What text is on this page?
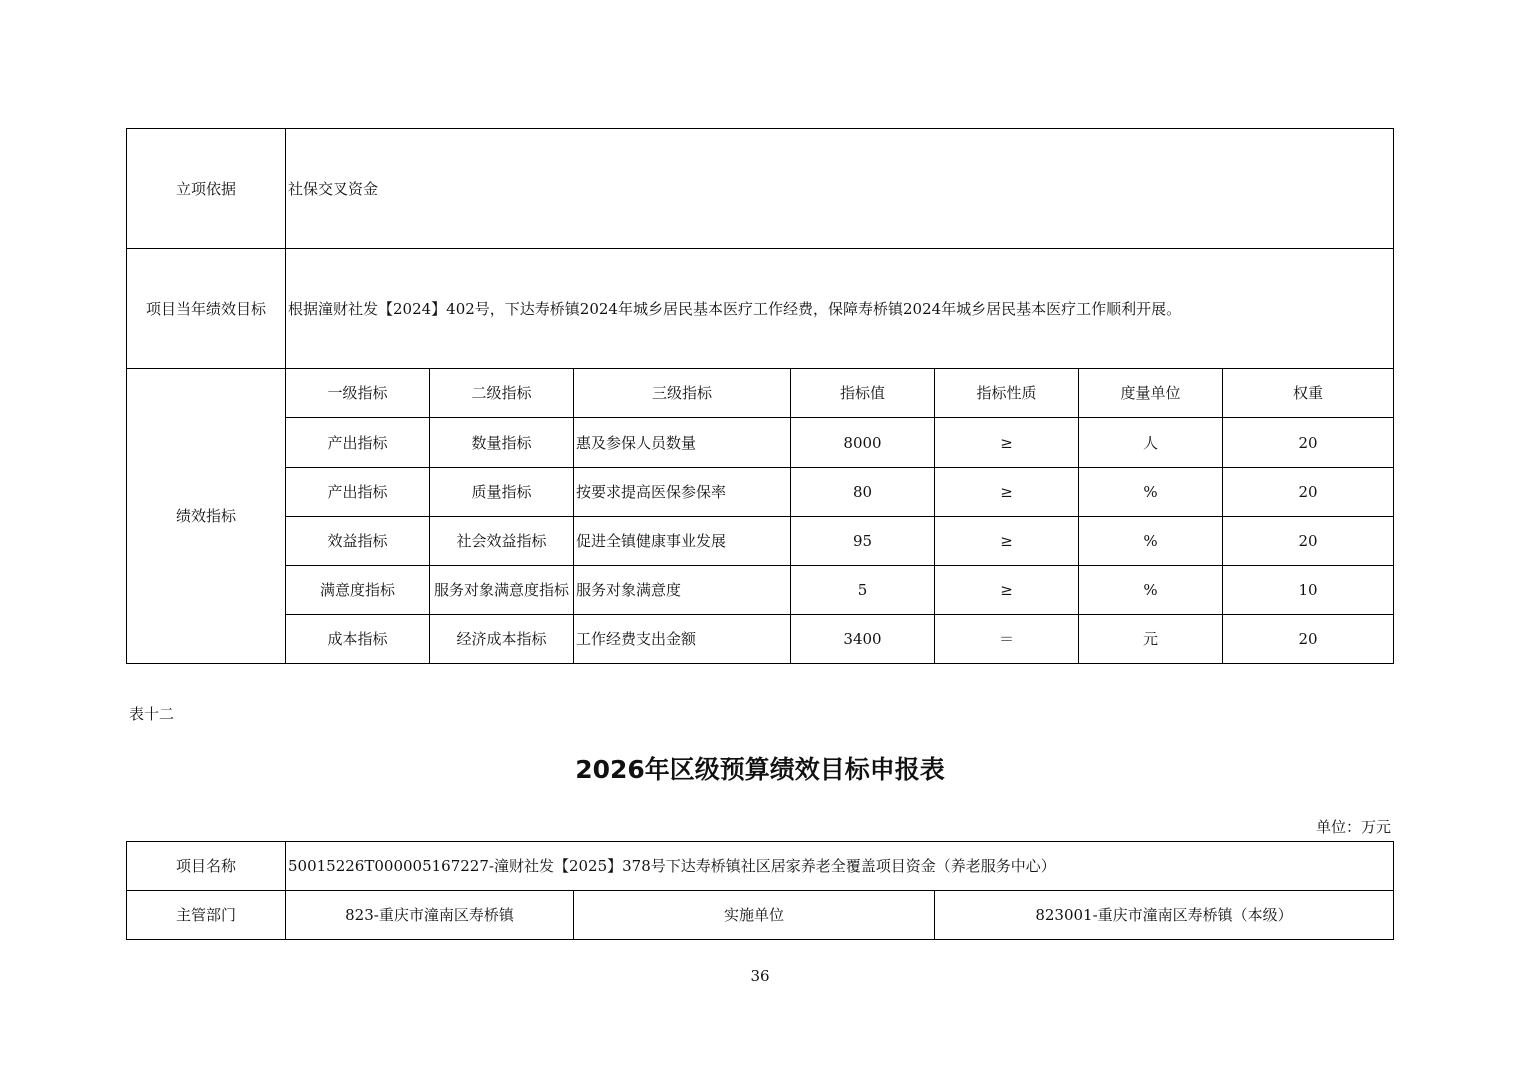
立项依据	社保交叉资金						
项目当年绩效目标	根据潼财社发【2024】402号，下达寿桥镇2024年城乡居民基本医疗工作经费，保障寿桥镇2024年城乡居民基本医疗工作顺利开展。						
绩效指标	一级指标	二级指标	三级指标	指标值	指标性质	度量单位	权重
	产出指标	数量指标	惠及参保人员数量	8000	≥	人	20
	产出指标	质量指标	按要求提高医保参保率	80	≥	%	20
	效益指标	社会效益指标	促进全镇健康事业发展	95	≥	%	20
	满意度指标	服务对象满意度指标	服务对象满意度	5	≥	%	10
	成本指标	经济成本指标	工作经费支出金额	3400	＝	元	20
表十二
2026年区级预算绩效目标申报表
单位：万元
项目名称	50015226T000005167227-潼财社发【2025】378号下达寿桥镇社区居家养老全覆盖项目资金（养老服务中心）		
主管部门	823-重庆市潼南区寿桥镇	实施单位	823001-重庆市潼南区寿桥镇（本级）
36
